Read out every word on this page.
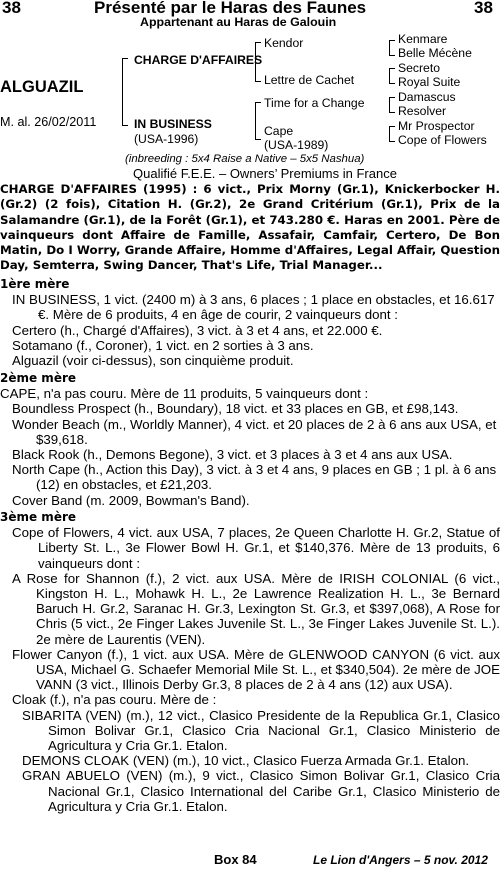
38	Présenté par le Haras des Faunes	38
Appartenant au Haras de Galouin
ALGUAZIL
M. al. 26/02/2011
CHARGE D'AFFAIRES
IN BUSINESS
(USA-1996)
Kendor
Lettre de Cachet
Time for a Change
Cape
(USA-1989)
Kenmare
Belle Mécène
Secreto
Royal Suite
Damascus
Resolver
Mr Prospector
Cope of Flowers
(inbreeding : 5x4 Raise a Native – 5x5 Nashua)
Qualifié F.E.E. – Owners’ Premiums in France

CHARGE D'AFFAIRES (1995) : 6 vict., Prix Morny (Gr.1), Knickerbocker H. (Gr.2) (2 fois), Citation H. (Gr.2), 2e Grand Critérium (Gr.1), Prix de la Salamandre (Gr.1), de la Forêt (Gr.1), et 743.280 €. Haras en 2001. Père de vainqueurs dont Affaire de Famille, Assafair, Camfair, Certero, De Bon Matin, Do I Worry, Grande Affaire, Homme d'Affaires, Legal Affair, Question Day, Semterra, Swing Dancer, That's Life, Trial Manager...

1ère mère

IN BUSINESS, 1 vict. (2400 m) à 3 ans, 6 places ; 1 place en obstacles, et 16.617 €. Mère de 6 produits, 4 en âge de courir, 2 vainqueurs dont :

Certero (h., Chargé d'Affaires), 3 vict. à 3 et 4 ans, et 22.000 €.

Sotamano (f., Coroner), 1 vict. en 2 sorties à 3 ans.

Alguazil (voir ci-dessus), son cinquième produit.

2ème mère

CAPE, n'a pas couru. Mère de 11 produits, 5 vainqueurs dont :

Boundless Prospect (h., Boundary), 18 vict. et 33 places en GB, et £98,143.

Wonder Beach (m., Worldly Manner), 4 vict. et 20 places de 2 à 6 ans aux USA, et $39,618.

Black Rook (h., Demons Begone), 3 vict. et 3 places à 3 et 4 ans aux USA.

North Cape (h., Action this Day), 3 vict. à 3 et 4 ans, 9 places en GB ; 1 pl. à 6 ans (12) en obstacles, et £21,203.

Cover Band (m. 2009, Bowman's Band).

3ème mère

Cope of Flowers, 4 vict. aux USA, 7 places, 2e Queen Charlotte H. Gr.2, Statue of Liberty St. L., 3e Flower Bowl H. Gr.1, et $140,376. Mère de 13 produits, 6 vainqueurs dont :

A Rose for Shannon (f.), 2 vict. aux USA. Mère de IRISH COLONIAL (6 vict., Kingston H. L., Mohawk H. L., 2e Lawrence Realization H. L., 3e Bernard Baruch H. Gr.2, Saranac H. Gr.3, Lexington St. Gr.3, et $397,068), A Rose for Chris (5 vict., 2e Finger Lakes Juvenile St. L., 3e Finger Lakes Juvenile St. L.). 2e mère de Laurentis (VEN).

Flower Canyon (f.), 1 vict. aux USA. Mère de GLENWOOD CANYON (6 vict. aux USA, Michael G. Schaefer Memorial Mile St. L., et $340,504). 2e mère de JOE VANN (3 vict., Illinois Derby Gr.3, 8 places de 2 à 4 ans (12) aux USA).

Cloak (f.), n'a pas couru. Mère de :

SIBARITA (VEN) (m.), 12 vict., Clasico Presidente de la Republica Gr.1, Clasico Simon Bolivar Gr.1, Clasico Cria Nacional Gr.1, Clasico Ministerio de Agricultura y Cria Gr.1. Etalon.

DEMONS CLOAK (VEN) (m.), 10 vict., Clasico Fuerza Armada Gr.1. Etalon.

GRAN ABUELO (VEN) (m.), 9 vict., Clasico Simon Bolivar Gr.1, Clasico Cria Nacional Gr.1, Clasico International del Caribe Gr.1, Clasico Ministerio de Agricultura y Cria Gr.1. Etalon.

Box 84	Le Lion d'Angers – 5 nov. 2012
